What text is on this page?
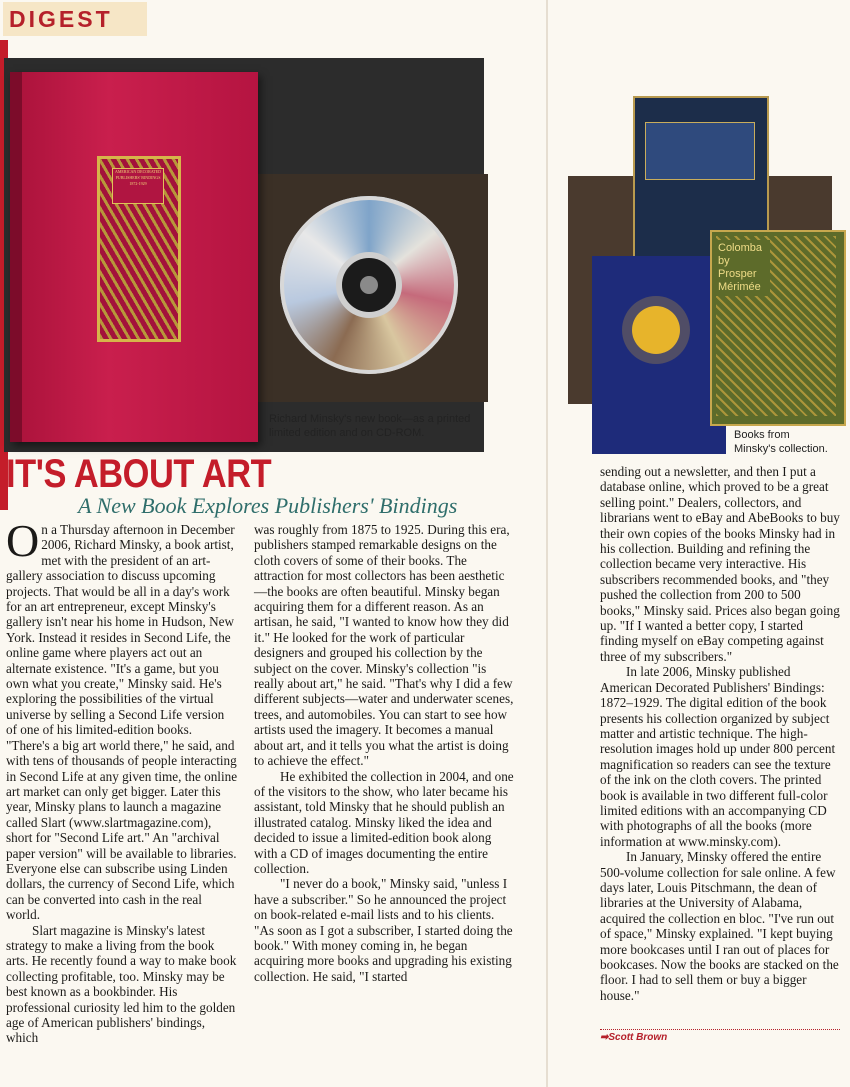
DIGEST
AMERICAN DECORATED PUBLISHERS' BINDINGS 1872-1929
Richard Minsky's new book—as a printed limited edition and on CD-ROM.
Colomba by Prosper Mérimée
Books from Minsky's collection.
IT'S ABOUT ART
A New Book Explores Publishers' Bindings

On a Thursday afternoon in December 2006, Richard Minsky, a book artist, met with the president of an art-gallery association to discuss upcoming projects. That would be all in a day's work for an art entrepreneur, except Minsky's gallery isn't near his home in Hudson, New York. Instead it resides in Second Life, the online game where players act out an alternate existence. "It's a game, but you own what you create," Minsky said. He's exploring the possibilities of the virtual universe by selling a Second Life version of one of his limited-edition books. "There's a big art world there," he said, and with tens of thousands of people interacting in Second Life at any given time, the online art market can only get bigger. Later this year, Minsky plans to launch a magazine called Slart (www.slartmagazine.com), short for "Second Life art." An "archival paper version" will be available to libraries. Everyone else can subscribe using Linden dollars, the currency of Second Life, which can be converted into cash in the real world.

Slart magazine is Minsky's latest strategy to make a living from the book arts. He recently found a way to make book collecting profitable, too. Minsky may be best known as a bookbinder. His professional curiosity led him to the golden age of American publishers' bindings, which

was roughly from 1875 to 1925. During this era, publishers stamped remarkable designs on the cloth covers of some of their books. The attraction for most collectors has been aesthetic—the books are often beautiful. Minsky began acquiring them for a different reason. As an artisan, he said, "I wanted to know how they did it." He looked for the work of particular designers and grouped his collection by the subject on the cover. Minsky's collection "is really about art," he said. "That's why I did a few different subjects—water and underwater scenes, trees, and automobiles. You can start to see how artists used the imagery. It becomes a manual about art, and it tells you what the artist is doing to achieve the effect."

He exhibited the collection in 2004, and one of the visitors to the show, who later became his assistant, told Minsky that he should publish an illustrated catalog. Minsky liked the idea and decided to issue a limited-edition book along with a CD of images documenting the entire collection.

"I never do a book," Minsky said, "unless I have a subscriber." So he announced the project on book-related e-mail lists and to his clients. "As soon as I got a subscriber, I started doing the book." With money coming in, he began acquiring more books and upgrading his existing collection. He said, "I started

sending out a newsletter, and then I put a database online, which proved to be a great selling point." Dealers, collectors, and librarians went to eBay and AbeBooks to buy their own copies of the books Minsky had in his collection. Building and refining the collection became very interactive. His subscribers recommended books, and "they pushed the collection from 200 to 500 books," Minsky said. Prices also began going up. "If I wanted a better copy, I started finding myself on eBay competing against three of my subscribers."

In late 2006, Minsky published American Decorated Publishers' Bindings: 1872–1929. The digital edition of the book presents his collection organized by subject matter and artistic technique. The high-resolution images hold up under 800 percent magnification so readers can see the texture of the ink on the cloth covers. The printed book is available in two different full-color limited editions with an accompanying CD with photographs of all the books (more information at www.minsky.com).

In January, Minsky offered the entire 500-volume collection for sale online. A few days later, Louis Pitschmann, the dean of libraries at the University of Alabama, acquired the collection en bloc. "I've run out of space," Minsky explained. "I kept buying more bookcases until I ran out of places for bookcases. Now the books are stacked on the floor. I had to sell them or buy a bigger house."

➡Scott Brown
